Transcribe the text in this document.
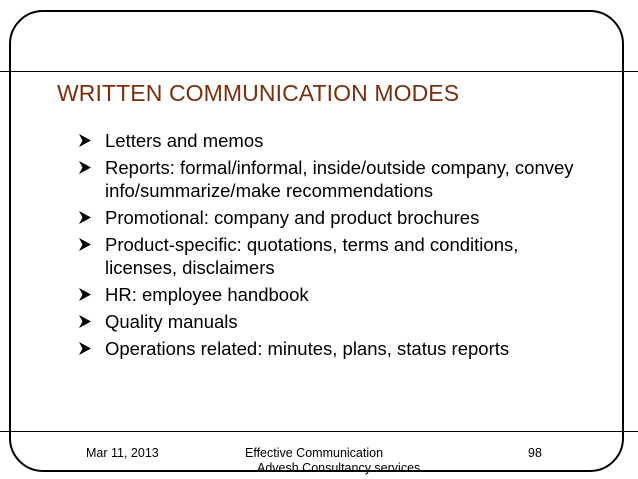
WRITTEN COMMUNICATION MODES
Letters and memos
Reports: formal/informal, inside/outside company, convey info/summarize/make recommendations
Promotional: company and product brochures
Product-specific: quotations, terms and conditions, licenses, disclaimers
HR: employee handbook
Quality manuals
Operations related: minutes, plans, status reports
Mar 11, 2013	Effective Communication
Advesh Consultancy services
98
